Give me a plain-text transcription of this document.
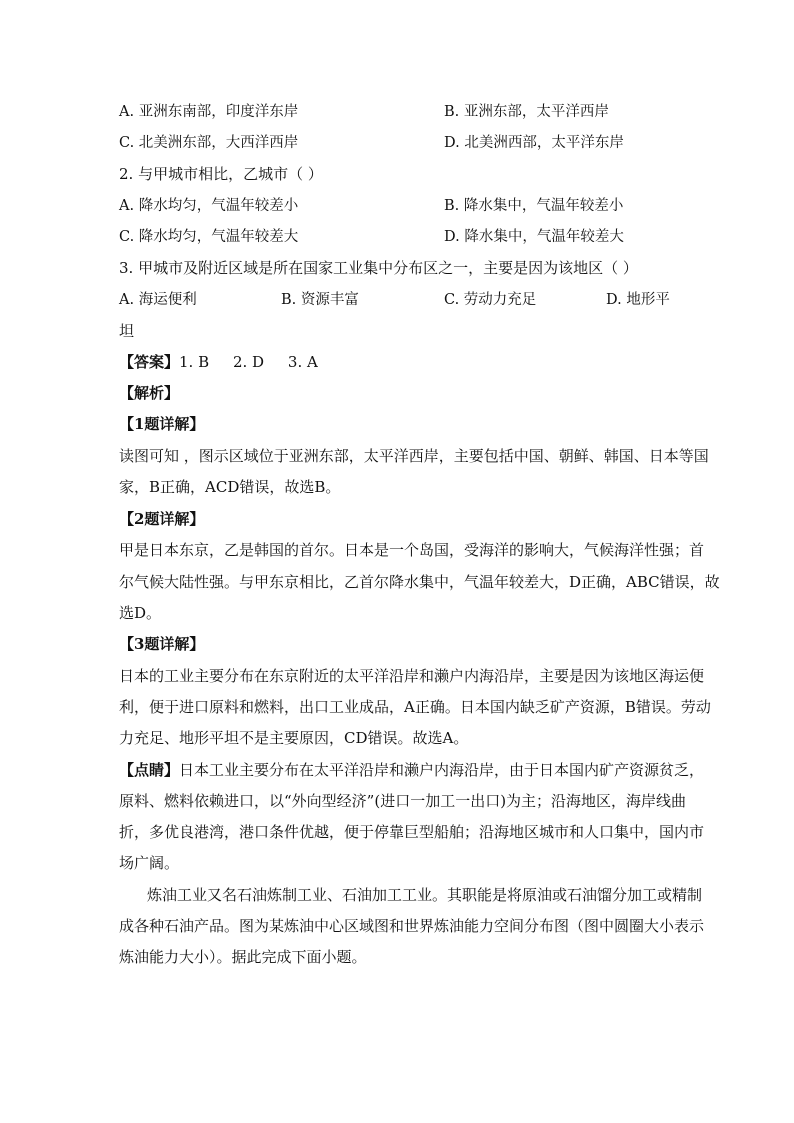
A. 亚洲东南部，印度洋东岸	B. 亚洲东部，太平洋西岸
C. 北美洲东部，大西洋西岸	D. 北美洲西部，太平洋东岸
2. 与甲城市相比，乙城市（ ）
A. 降水均匀，气温年较差小	B. 降水集中，气温年较差小
C. 降水均匀，气温年较差大	D. 降水集中，气温年较差大
3. 甲城市及附近区域是所在国家工业集中分布区之一，主要是因为该地区（ ）
A. 海运便利	B. 资源丰富	C. 劳动力充足	D. 地形平
坦
【答案】1. B     2. D     3. A
【解析】
【1题详解】
读图可知 ，图示区域位于亚洲东部，太平洋西岸，主要包括中国、朝鲜、韩国、日本等国
家，B正确，ACD错误，故选B。
【2题详解】
甲是日本东京，乙是韩国的首尔。日本是一个岛国，受海洋的影响大，气候海洋性强；首
尔气候大陆性强。与甲东京相比，乙首尔降水集中，气温年较差大，D正确，ABC错误，故
选D。
【3题详解】
日本的工业主要分布在东京附近的太平洋沿岸和濑户内海沿岸，主要是因为该地区海运便
利，便于进口原料和燃料，出口工业成品，A正确。日本国内缺乏矿产资源，B错误。劳动
力充足、地形平坦不是主要原因，CD错误。故选A。
【点睛】日本工业主要分布在太平洋沿岸和濑户内海沿岸，由于日本国内矿产资源贫乏，
原料、燃料依赖进口，以“外向型经济”(进口一加工一出口)为主；沿海地区，海岸线曲
折，多优良港湾，港口条件优越，便于停靠巨型船舶；沿海地区城市和人口集中，国内市
场广阔。
炼油工业又名石油炼制工业、石油加工工业。其职能是将原油或石油馏分加工或精制
成各种石油产品。图为某炼油中心区域图和世界炼油能力空间分布图（图中圆圈大小表示
炼油能力大小）。据此完成下面小题。
